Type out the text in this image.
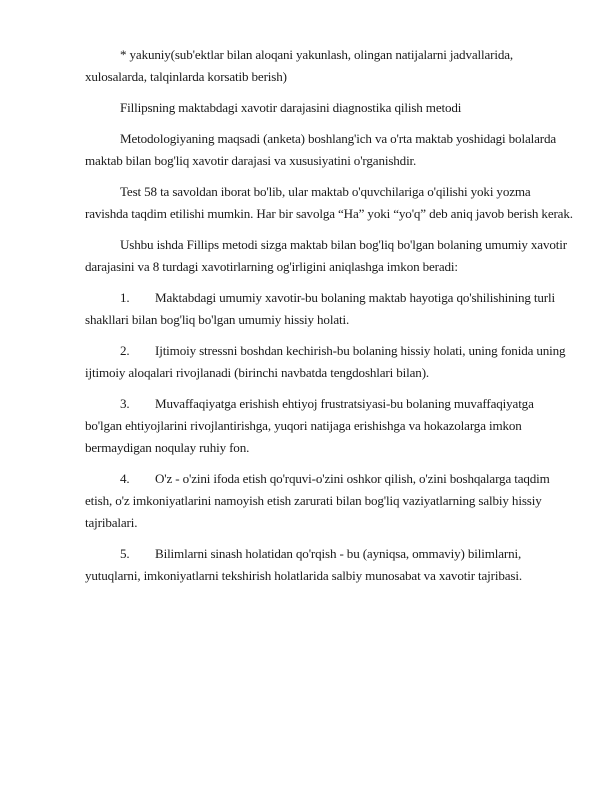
* yakuniy(sub'ektlar bilan aloqani yakunlash, olingan natijalarni jadvallarida, xulosalarda, talqinlarda korsatib berish)

Fillipsning maktabdagi xavotir darajasini diagnostika qilish metodi

Metodologiyaning maqsadi (anketa) boshlang'ich va o'rta maktab yoshidagi bolalarda maktab bilan bog'liq xavotir darajasi va xususiyatini o'rganishdir.

Test 58 ta savoldan iborat bo'lib, ular maktab o'quvchilariga o'qilishi yoki yozma ravishda taqdim etilishi mumkin. Har bir savolga “Ha” yoki “yo'q” deb aniq javob berish kerak.

Ushbu ishda Fillips metodi sizga maktab bilan bog'liq bo'lgan bolaning umumiy xavotir darajasini va 8 turdagi xavotirlarning og'irligini aniqlashga imkon beradi:

1. Maktabdagi umumiy xavotir-bu bolaning maktab hayotiga qo'shilishining turli shakllari bilan bog'liq bo'lgan umumiy hissiy holati.
2. Ijtimoiy stressni boshdan kechirish-bu bolaning hissiy holati, uning fonida uning ijtimoiy aloqalari rivojlanadi (birinchi navbatda tengdoshlari bilan).
3. Muvaffaqiyatga erishish ehtiyoj frustratsiyasi-bu bolaning muvaffaqiyatga bo'lgan ehtiyojlarini rivojlantirishga, yuqori natijaga erishishga va hokazolarga imkon bermaydigan noqulay ruhiy fon.
4. O'z - o'zini ifoda etish qo'rquvi-o'zini oshkor qilish, o'zini boshqalarga taqdim etish, o'z imkoniyatlarini namoyish etish zarurati bilan bog'liq vaziyatlarning salbiy hissiy tajribalari.
5. Bilimlarni sinash holatidan qo'rqish - bu (ayniqsa, ommaviy) bilimlarni, yutuqlarni, imkoniyatlarni tekshirish holatlarida salbiy munosabat va xavotir tajribasi.
